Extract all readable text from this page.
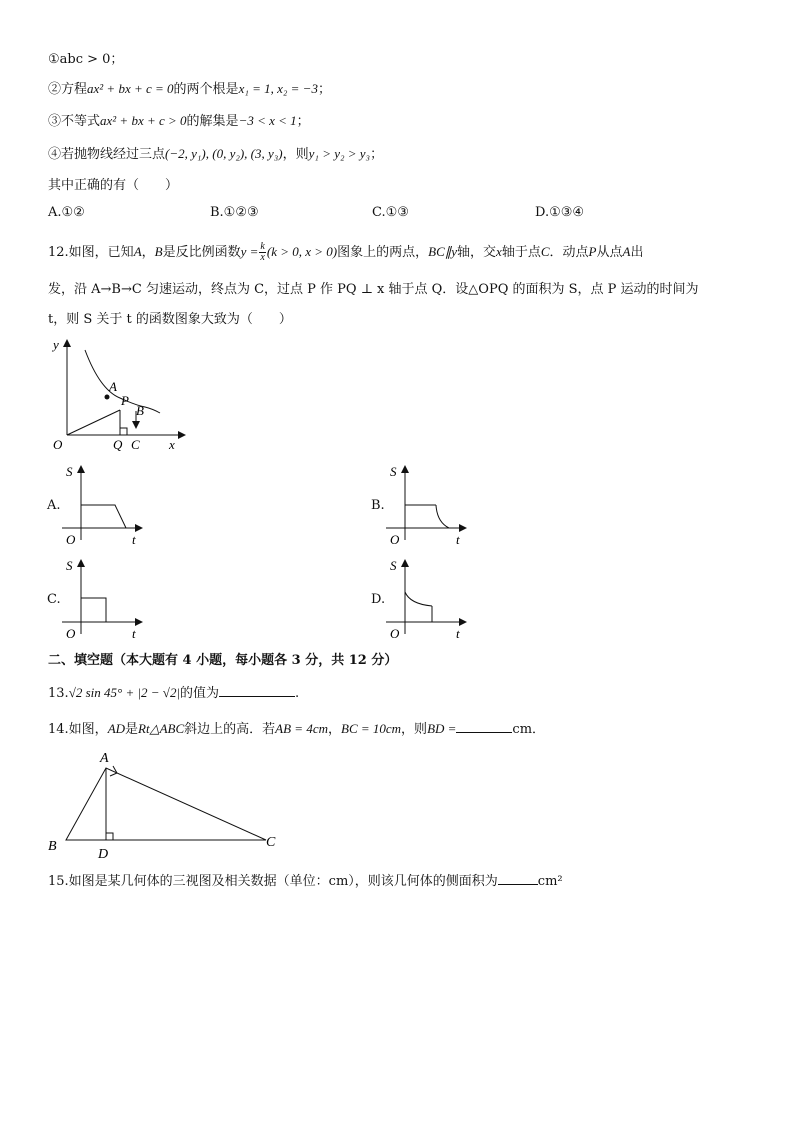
①abc > 0；
②方程ax² + bx + c = 0的两个根是x₁ = 1, x₂ = −3；
③不等式ax² + bx + c > 0的解集是−3 < x < 1；
④若抛物线经过三点(−2, y₁), (0, y₂), (3, y₃)，则y₁ > y₂ > y₃；
其中正确的有（　　）
A.①②	B.①②③	C.①③	D.①③④
12.如图，已知A，B是反比例函数$y = \frac{k}{x} (k > 0$, x > 0)图象上的两点，BC∥y轴，交x轴于点C．动点P从点A出
发，沿 A→B→C 匀速运动，终点为 C，过点 P 作 PQ ⊥ x 轴于点 Q．设△OPQ 的面积为 S，点 P 运动的时间为
t，则 S 关于 t 的函数图象大致为（　　）
y
x
O
A
P
B
Q C
A.
S
O	t
B.
S
O	t
C.
S
O	t
D.
S
O	t
二、填空题（本大题有 4 小题，每小题各 3 分，共 12 分）
13.√2 sin 45° + |2 − √2|的值为	.
14.如图，AD是Rt△ABC斜边上的高．若AB = 4cm，BC = 10cm，则BD =	cm．
A
B	C
D
15.如图是某几何体的三视图及相关数据（单位：cm），则该几何体的侧面积为	cm²
